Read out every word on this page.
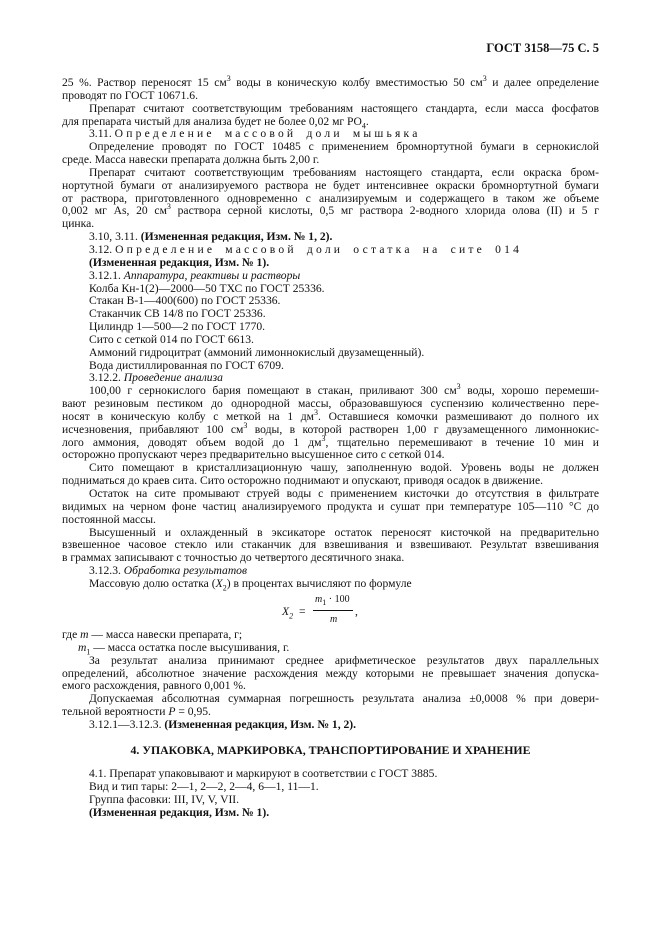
ГОСТ 3158—75 С. 5
25 %. Раствор переносят 15 $см^3$ воды в коническую колбу вместимостью 50 $см^3$ и далее определение
проводят по ГОСТ 10671.6.
Препарат считают соответствующим требованиям настоящего стандарта, если масса фосфатов
для препарата чистый для анализа будет не более 0,02 мг $PO_4$.
3.11. Определение массовой доли мышьяка
Определение проводят по ГОСТ 10485 с применением бромнортутной бумаги в сернокислой
среде. Масса навески препарата должна быть 2,00 г.
Препарат считают соответствующим требованиям настоящего стандарта, если окраска бром-
нортутной бумаги от анализируемого раствора не будет интенсивнее окраски бромнортутной бумаги
от раствора, приготовленного одновременно с анализируемым и содержащего в таком же объеме
0,002 мг As, 20 $см^3$ раствора серной кислоты, 0,5 мг раствора 2-водного хлорида олова (II) и 5 г
цинка.
3.10, 3.11. (Измененная редакция, Изм. № 1, 2).
3.12. Определение массовой доли остатка на сите 014
(Измененная редакция, Изм. № 1).
3.12.1. Аппаратура, реактивы и растворы
Колба Кн-1(2)—2000—50 ТХС по ГОСТ 25336.
Стакан В-1—400(600) по ГОСТ 25336.
Стаканчик СВ 14/8 по ГОСТ 25336.
Цилиндр 1—500—2 по ГОСТ 1770.
Сито с сеткой 014 по ГОСТ 6613.
Аммоний гидроцитрат (аммоний лимоннокислый двузамещенный).
Вода дистиллированная по ГОСТ 6709.
3.12.2. Проведение анализа
100,00 г сернокислого бария помещают в стакан, приливают 300 $см^3$ воды, хорошо перемеши-
вают резиновым пестиком до однородной массы, образовавшуюся суспензию количественно пере-
носят в коническую колбу с меткой на 1 $дм^3$. Оставшиеся комочки размешивают до полного их
исчезновения, прибавляют 100 $см^3$ воды, в которой растворен 1,00 г двузамещенного лимоннокис-
лого аммония, доводят объем водой до 1 $дм^3$, тщательно перемешивают в течение 10 мин и
осторожно пропускают через предварительно высушенное сито с сеткой 014.
Сито помещают в кристаллизационную чашу, заполненную водой. Уровень воды не должен
подниматься до краев сита. Сито осторожно поднимают и опускают, приводя осадок в движение.
Остаток на сите промывают струей воды с применением кисточки до отсутствия в фильтрате
видимых на черном фоне частиц анализируемого продукта и сушат при температуре 105—110 °С до
постоянной массы.
Высушенный и охлажденный в эксикаторе остаток переносят кисточкой на предварительно
взвешенное часовое стекло или стаканчик для взвешивания и взвешивают. Результат взвешивания
в граммах записывают с точностью до четвертого десятичного знака.
3.12.3. Обработка результатов
Массовую долю остатка $(X_2)$ в процентах вычисляют по формуле
$X_2$ =
$m_1 \cdot 100$
m
,
где m — масса навески препарата, г;
$m_1$ — масса остатка после высушивания, г.
За результат анализа принимают среднее арифметическое результатов двух параллельных
определений, абсолютное значение расхождения между которыми не превышает значения допуска-
емого расхождения, равного 0,001 %.
Допускаемая абсолютная суммарная погрешность результата анализа ±0,0008 % при довери-
тельной вероятности P = 0,95.
3.12.1—3.12.3. (Измененная редакция, Изм. № 1, 2).
4. УПАКОВКА, МАРКИРОВКА, ТРАНСПОРТИРОВАНИЕ И ХРАНЕНИЕ
4.1. Препарат упаковывают и маркируют в соответствии с ГОСТ 3885.
Вид и тип тары: 2—1, 2—2, 2—4, 6—1, 11—1.
Группа фасовки: III, IV, V, VII.
(Измененная редакция, Изм. № 1).
